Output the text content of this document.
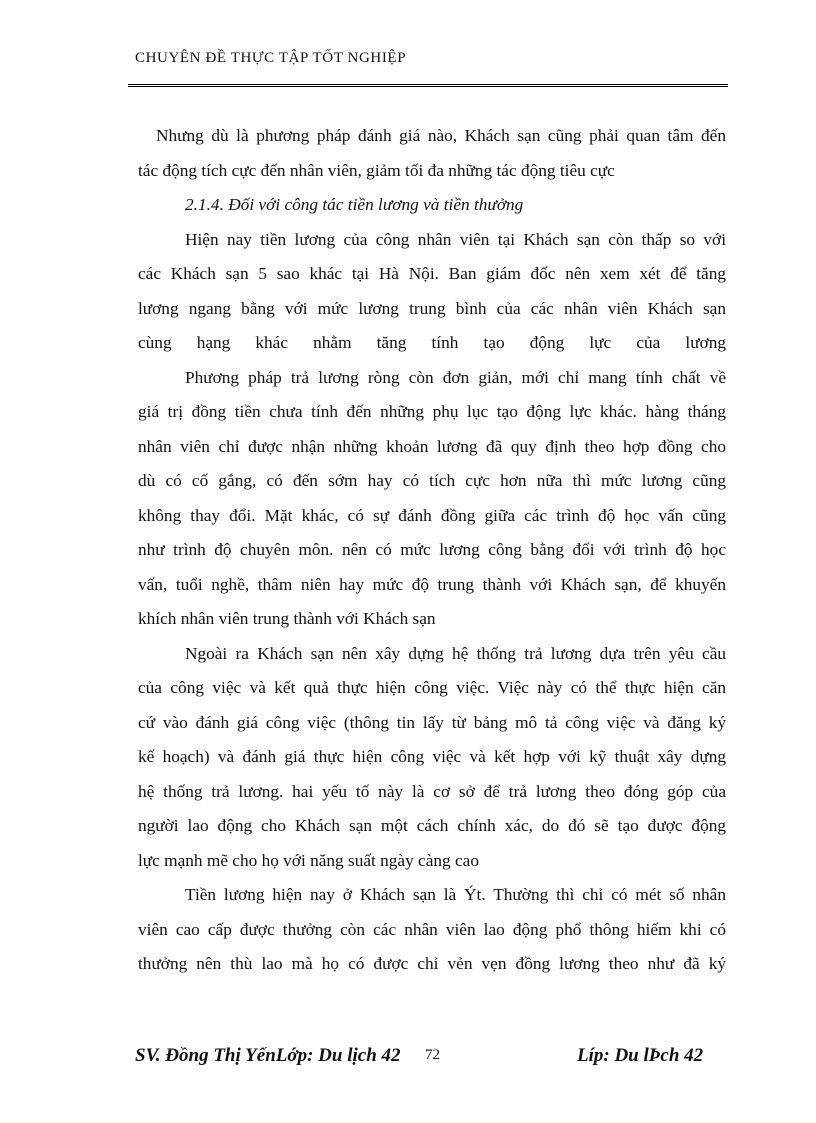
CHUYÊN ĐỀ THỰC TẬP TỐT NGHIỆP
Nhưng dù là phương pháp đánh giá nào, Khách sạn cũng phải quan tâm đến
tác động tích cực đến nhân viên, giảm tối đa những tác động tiêu cực
2.1.4. Đối với công tác tiền lương và tiền thưởng
Hiện nay tiền lương của công nhân viên tại Khách sạn còn thấp so với
các Khách sạn 5 sao khác tại Hà Nội. Ban giám đốc nên xem xét để tăng
lương ngang bằng với mức lương trung bình của các nhân viên Khách sạn
cùng hạng khác nhằm tăng tính tạo động lực của lương
Phương pháp trả lương ròng còn đơn giản, mới chỉ mang tính chất về
giá trị đồng tiền chưa tính đến những phụ lục tạo động lực khác. hàng tháng
nhân viên chỉ được nhận những khoản lương đã quy định theo hợp đồng cho
dù có cố gắng, có đến sớm hay có tích cực hơn nữa thì mức lương cũng
không thay đổi. Mặt khác, có sự đánh đồng giữa các trình độ học vấn cũng
như trình độ chuyên môn. nên có mức lương công bằng đối với trình độ học
vấn, tuổi nghề, thâm niên hay mức độ trung thành với Khách sạn, để khuyến
khích nhân viên trung thành với Khách sạn
Ngoài ra Khách sạn nên xây dựng hệ thống trả lương dựa trên yêu cầu
của công việc và kết quả thực hiện công việc. Việc này có thể thực hiện căn
cứ vào đánh giá công việc (thông tin lấy từ bảng mô tả công việc và đăng ký
kế hoạch) và đánh giá thực hiện công việc và kết hợp với kỹ thuật xây dựng
hệ thống trả lương. hai yếu tố này là cơ sở để trả lương theo đóng góp của
người lao động cho Khách sạn một cách chính xác, do đó sẽ tạo được động
lực mạnh mẽ cho họ với năng suất ngày càng cao
Tiền lương hiện nay ở Khách sạn là Ýt. Thường thì chỉ có mét số nhân
viên cao cấp được thưởng còn các nhân viên lao động phổ thông hiếm khi có
thưởng nên thù lao mà họ có được chỉ vẻn vẹn đồng lương theo như đã ký
SV. Đồng Thị YếnLớp: Du lịch 42 72	Líp: Du lÞch 42
